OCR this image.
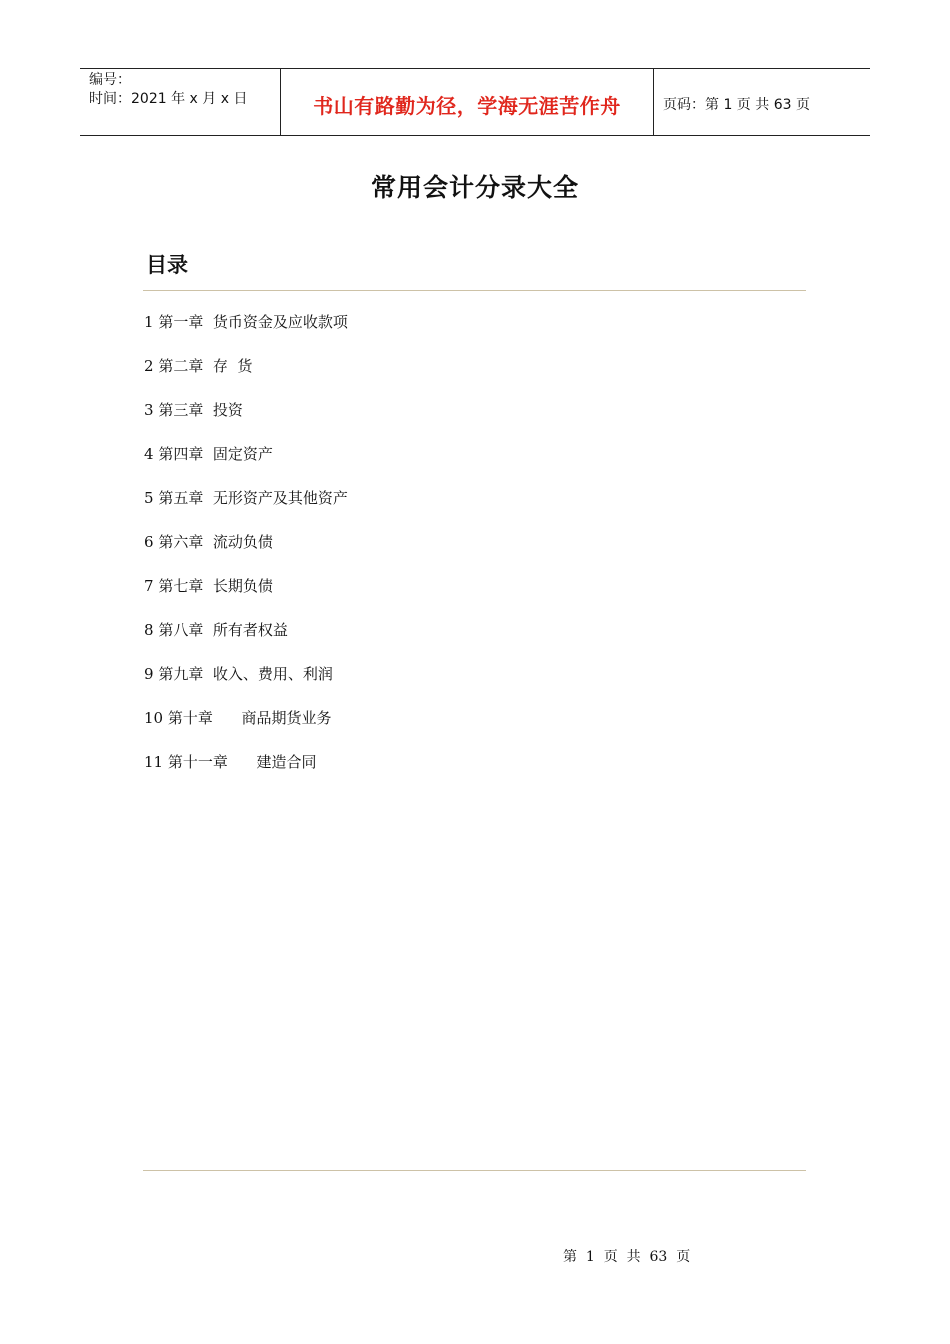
编号：
时间：2021 年 x 月 x 日	书山有路勤为径，学海无涯苦作舟	页码：第 1 页 共 63 页
常用会计分录大全
目录
1 第一章 货币资金及应收款项
2 第二章 存  货
3 第三章 投资
4 第四章 固定资产
5 第五章 无形资产及其他资产
6 第六章 流动负债
7 第七章 长期负债
8 第八章 所有者权益
9 第九章 收入、费用、利润
10 第十章 商品期货业务
11 第十一章 建造合同
第  1  页  共  63  页
